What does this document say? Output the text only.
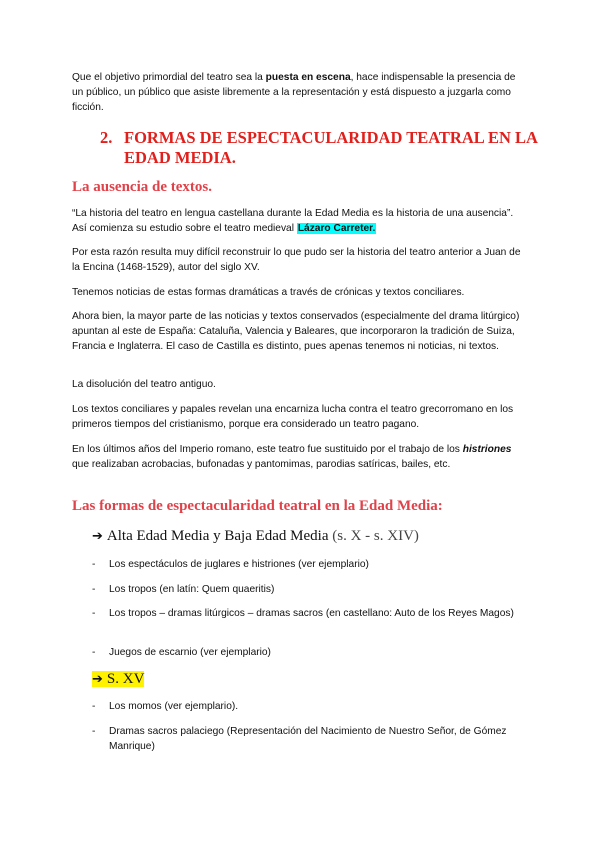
Que el objetivo primordial del teatro sea la puesta en escena, hace indispensable la presencia de un público, un público que asiste libremente a la representación y está dispuesto a juzgarla como ficción.

2. FORMAS DE ESPECTACULARIDAD TEATRAL EN LA EDAD MEDIA.
La ausencia de textos.

“La historia del teatro en lengua castellana durante la Edad Media es la historia de una ausencia”. Así comienza su estudio sobre el teatro medieval Lázaro Carreter.

Por esta razón resulta muy difícil reconstruir lo que pudo ser la historia del teatro anterior a Juan de la Encina (1468-1529), autor del siglo XV.

Tenemos noticias de estas formas dramáticas a través de crónicas y textos conciliares.

Ahora bien, la mayor parte de las noticias y textos conservados (especialmente del drama litúrgico) apuntan al este de España: Cataluña, Valencia y Baleares, que incorporaron la tradición de Suiza, Francia e Inglaterra. El caso de Castilla es distinto, pues apenas tenemos ni noticias, ni textos.

La disolución del teatro antiguo.

Los textos conciliares y papales revelan una encarniza lucha contra el teatro grecorromano en los primeros tiempos del cristianismo, porque era considerado un teatro pagano.

En los últimos años del Imperio romano, este teatro fue sustituido por el trabajo de los histriones que realizaban acrobacias, bufonadas y pantomimas, parodias satíricas, bailes, etc.

Las formas de espectacularidad teatral en la Edad Media:
➔ Alta Edad Media y Baja Edad Media (s. X - s. XIV)
- Los espectáculos de juglares e histriones (ver ejemplario)
- Los tropos (en latín: Quem quaeritis)
- Los tropos – dramas litúrgicos – dramas sacros (en castellano: Auto de los Reyes Magos)
- Juegos de escarnio (ver ejemplario)
➔ S. XV
- Los momos (ver ejemplario).
- Dramas sacros palaciego (Representación del Nacimiento de Nuestro Señor, de Gómez Manrique)
